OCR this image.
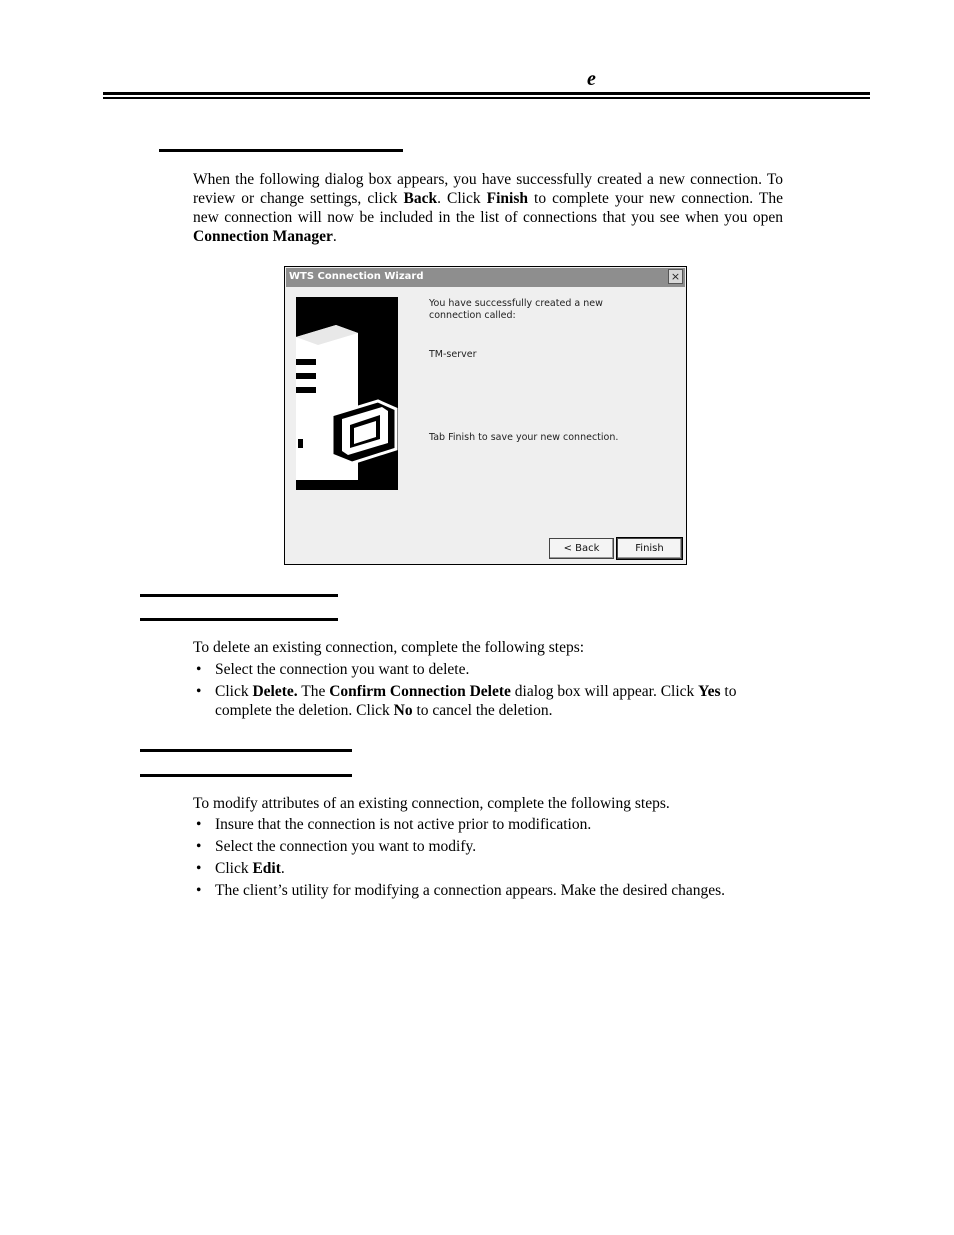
e
When the following dialog box appears, you have successfully created a new connection. To review or change settings, click Back. Click Finish to complete your new connection. The new connection will now be included in the list of connections that you see when you open Connection Manager.
WTS Connection Wizard	×
You have successfully created a new connection called:
TM-server
Tab Finish to save your new connection.
< Back	Finish
To delete an existing connection, complete the following steps:
• Select the connection you want to delete.
• Click Delete. The Confirm Connection Delete dialog box will appear. Click Yes to complete the deletion. Click No to cancel the deletion.
To modify attributes of an existing connection, complete the following steps.
• Insure that the connection is not active prior to modification.
• Select the connection you want to modify.
• Click Edit.
• The client’s utility for modifying a connection appears. Make the desired changes.
